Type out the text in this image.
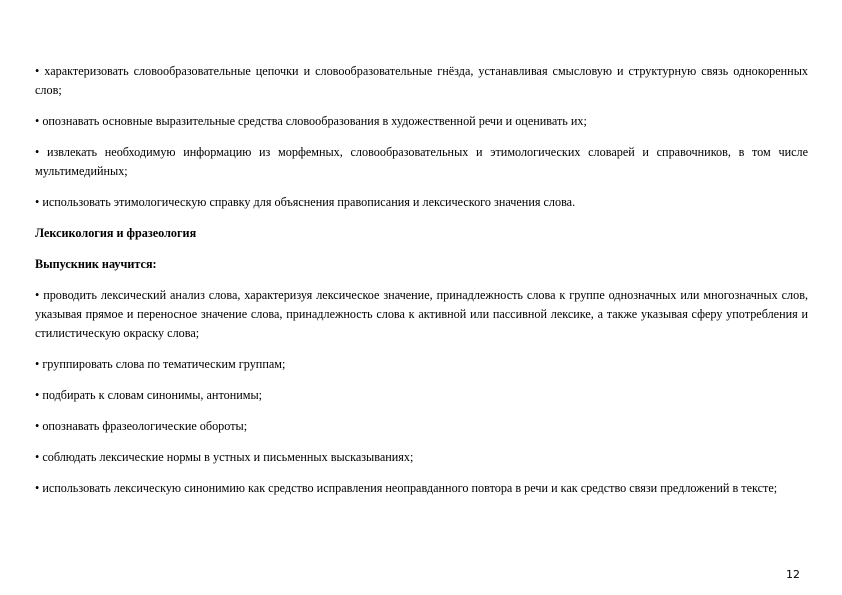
• характеризовать словообразовательные цепочки и словообразовательные гнёзда, устанавливая смысловую и структурную связь однокоренных слов;

• опознавать основные выразительные средства словообразования в художественной речи и оценивать их;

• извлекать необходимую информацию из морфемных, словообразовательных и этимологических словарей и справочников, в том числе мультимедийных;

• использовать этимологическую справку для объяснения правописания и лексического значения слова.

Лексикология и фразеология

Выпускник научится:

• проводить лексический анализ слова, характеризуя лексическое значение, принадлежность слова к группе однозначных или многозначных слов, указывая прямое и переносное значение слова, принадлежность слова к активной или пассивной лексике, а также указывая сферу употребления и стилистическую окраску слова;

• группировать слова по тематическим группам;

• подбирать к словам синонимы, антонимы;

• опознавать фразеологические обороты;

• соблюдать лексические нормы в устных и письменных высказываниях;

• использовать лексическую синонимию как средство исправления неоправданного повтора в речи и как средство связи предложений в тексте;

12
